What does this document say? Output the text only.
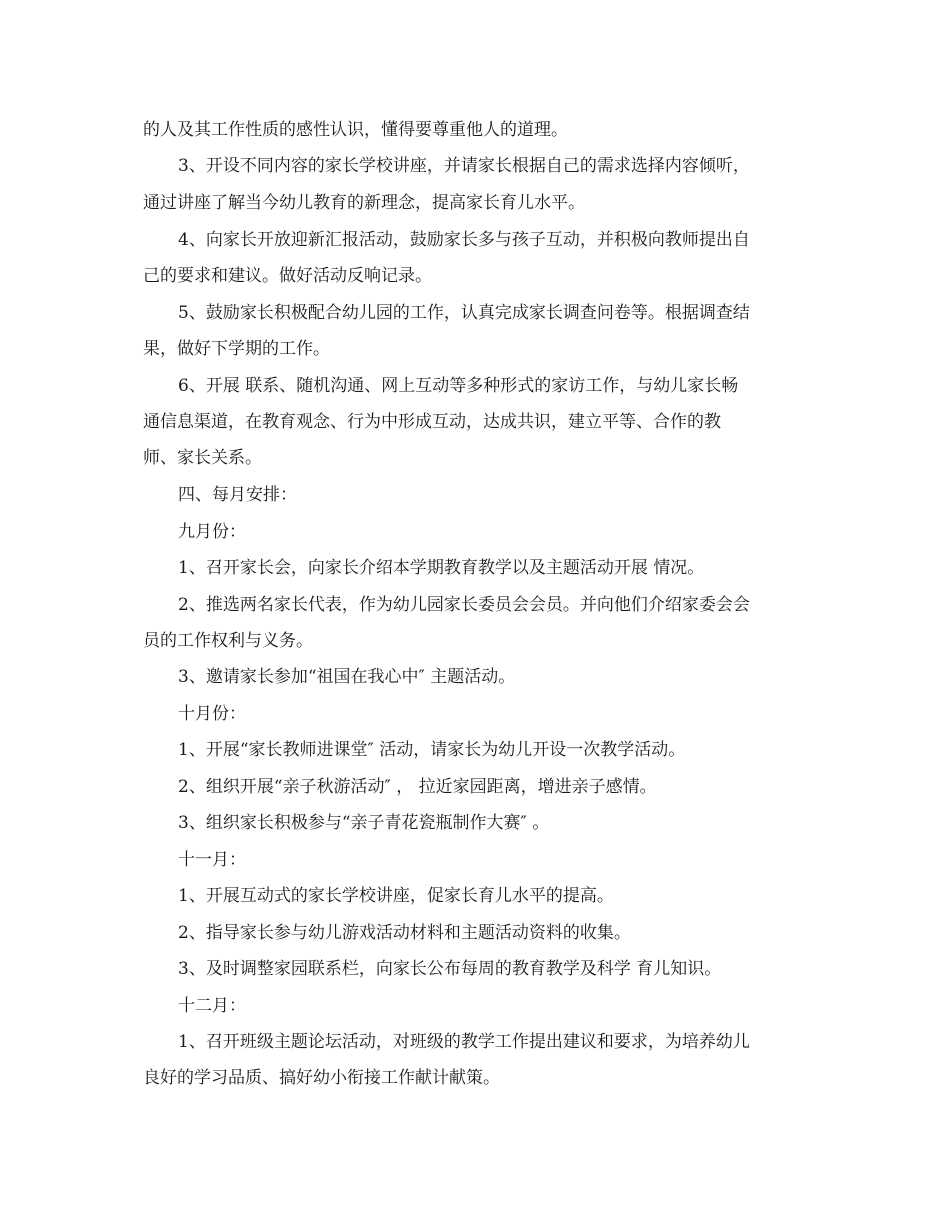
的人及其工作性质的感性认识，懂得要尊重他人的道理。
3、开设不同内容的家长学校讲座，并请家长根据自己的需求选择内容倾听，
通过讲座了解当今幼儿教育的新理念，提高家长育儿水平。
4、向家长开放迎新汇报活动，鼓励家长多与孩子互动，并积极向教师提出自
己的要求和建议。做好活动反响记录。
5、鼓励家长积极配合幼儿园的工作，认真完成家长调查问卷等。根据调查结
果，做好下学期的工作。
6、开展 联系、随机沟通、网上互动等多种形式的家访工作，与幼儿家长畅
通信息渠道，在教育观念、行为中形成互动，达成共识，建立平等、合作的教
师、家长关系。
四、每月安排：
九月份：
1、召开家长会，向家长介绍本学期教育教学以及主题活动开展 情况。
2、推选两名家长代表，作为幼儿园家长委员会会员。并向他们介绍家委会会
员的工作权利与义务。
3、邀请家长参加“祖国在我心中″ 主题活动。
十月份：
1、开展“家长教师进课堂″ 活动，请家长为幼儿开设一次教学活动。
2、组织开展“亲子秋游活动″ ， 拉近家园距离，增进亲子感情。
3、组织家长积极参与“亲子青花瓷瓶制作大赛″ 。
十一月：
1、开展互动式的家长学校讲座，促家长育儿水平的提高。
2、指导家长参与幼儿游戏活动材料和主题活动资料的收集。
3、及时调整家园联系栏，向家长公布每周的教育教学及科学 育儿知识。
十二月：
1、召开班级主题论坛活动，对班级的教学工作提出建议和要求，为培养幼儿
良好的学习品质、搞好幼小衔接工作献计献策。
